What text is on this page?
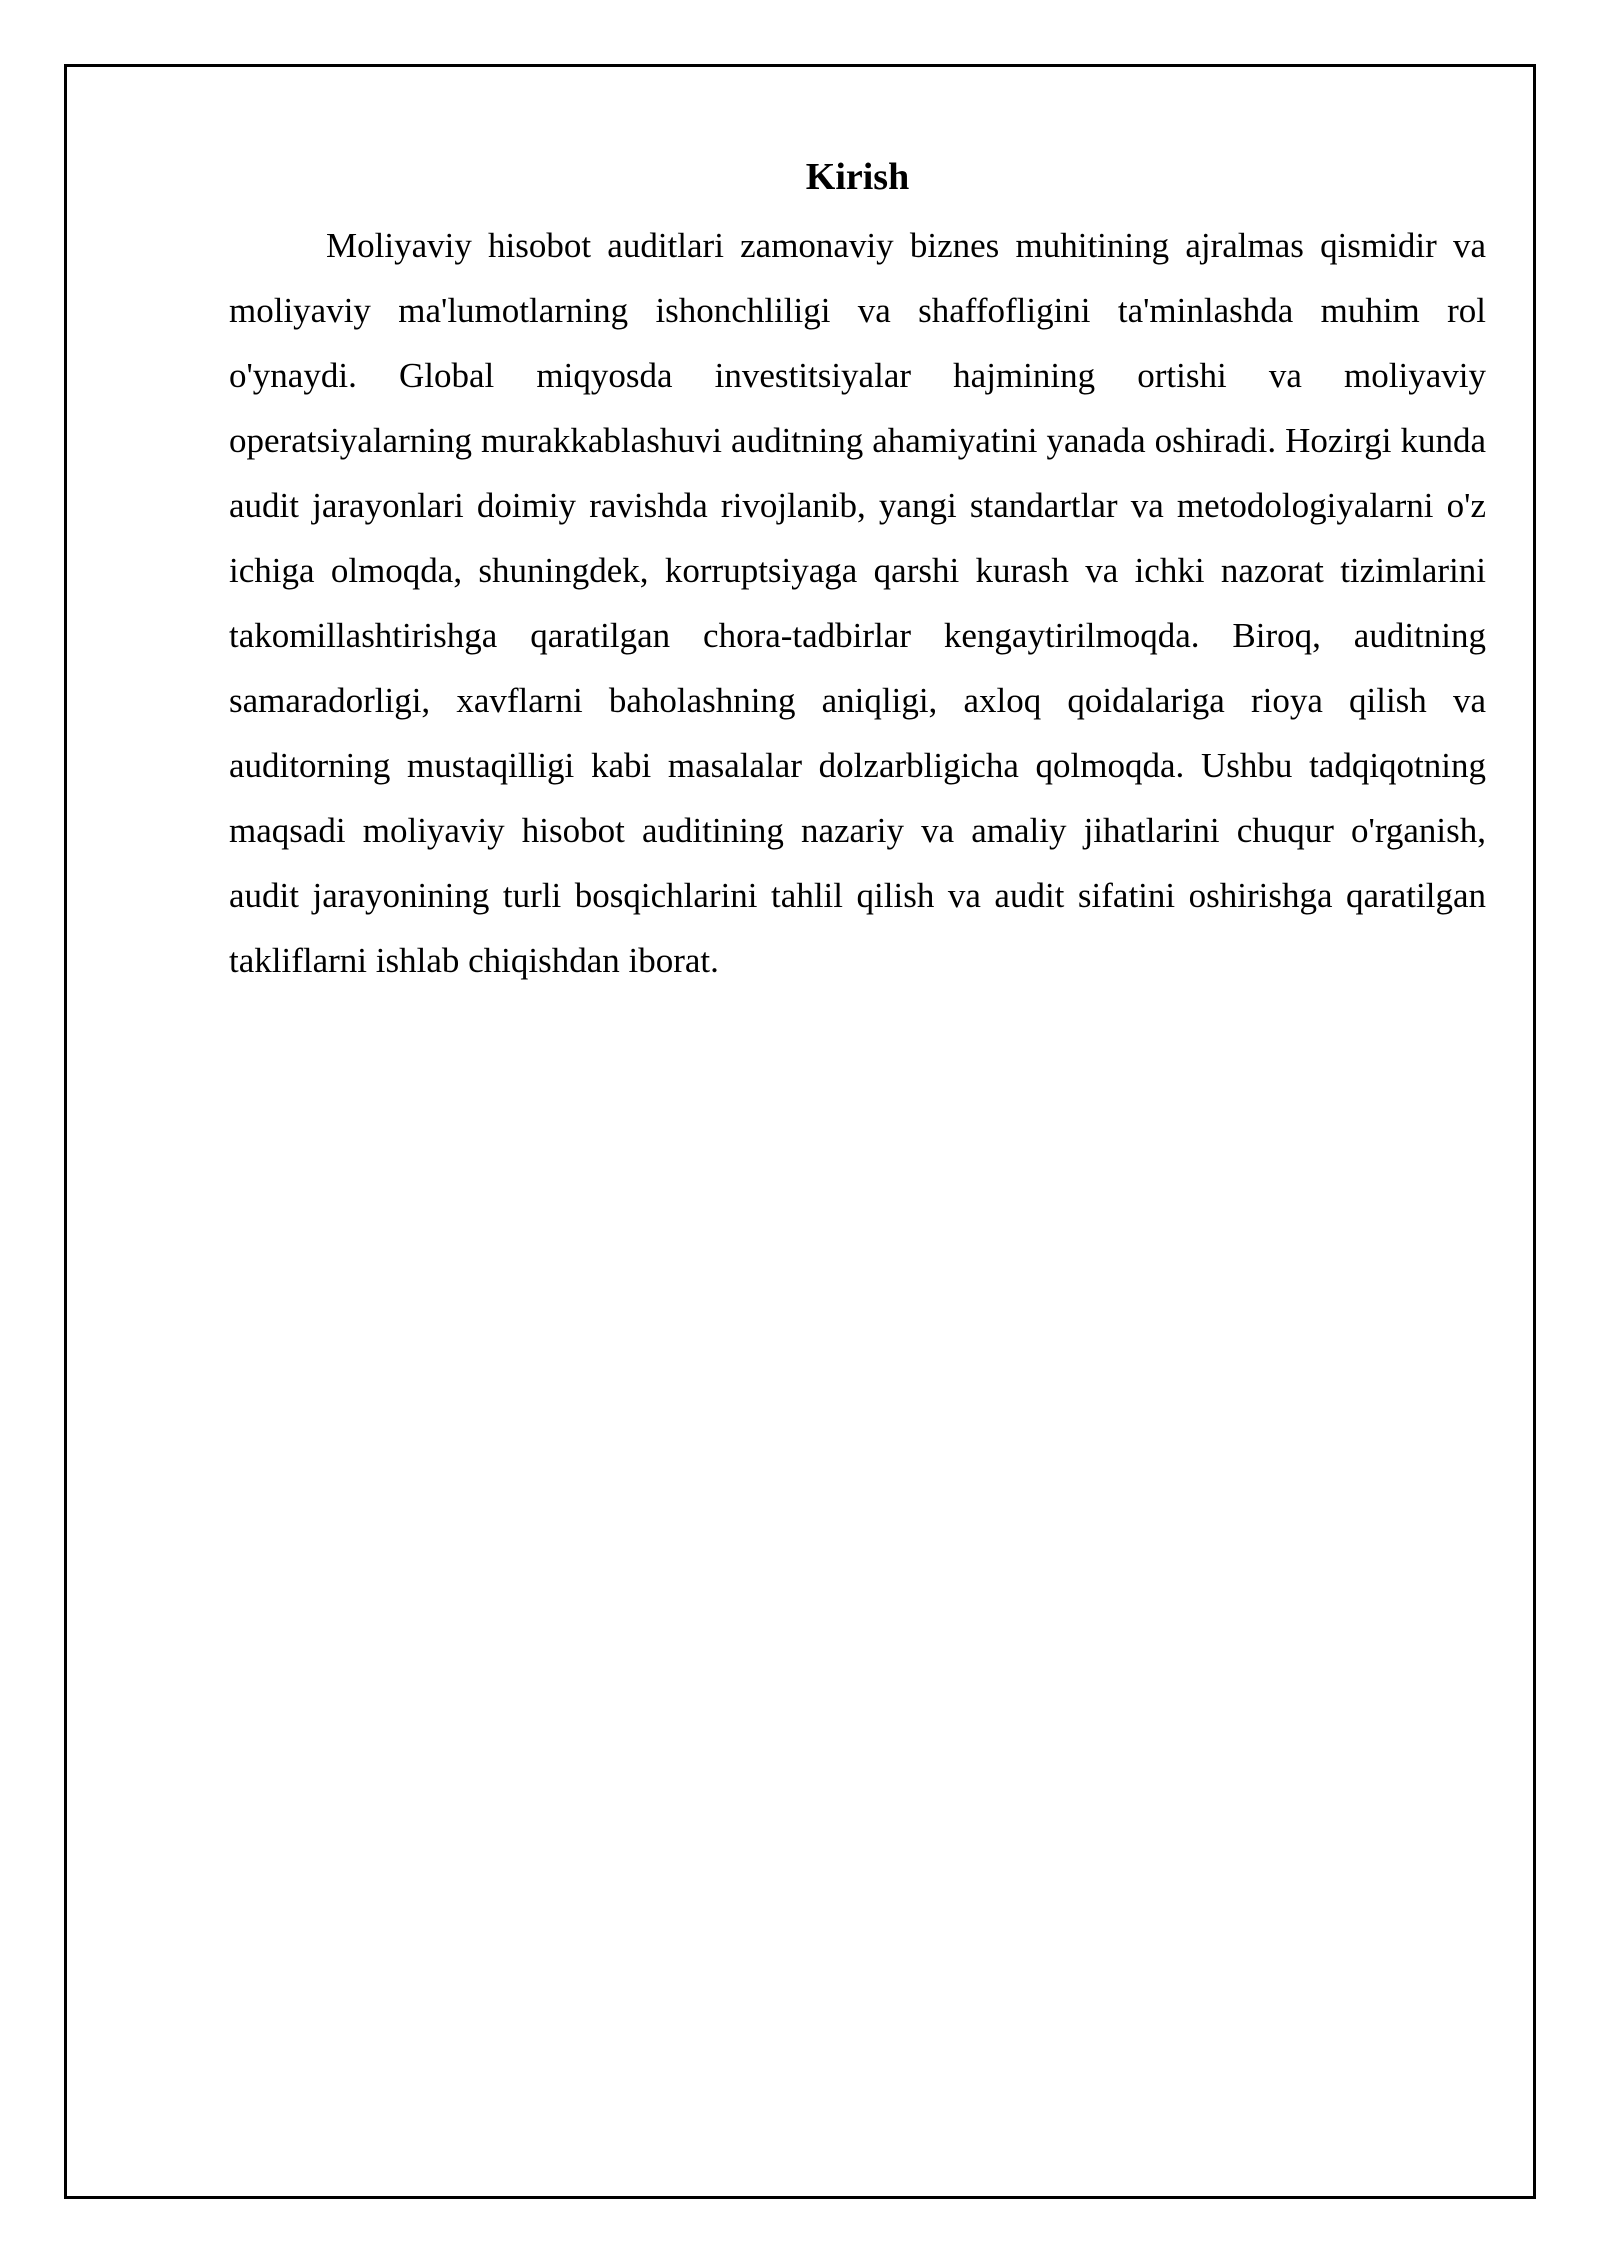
Kirish

Moliyaviy hisobot auditlari zamonaviy biznes muhitining ajralmas qismidir va moliyaviy ma'lumotlarning ishonchliligi va shaffofligini ta'minlashda muhim rol o'ynaydi. Global miqyosda investitsiyalar hajmining ortishi va moliyaviy operatsiyalarning murakkablashuvi auditning ahamiyatini yanada oshiradi. Hozirgi kunda audit jarayonlari doimiy ravishda rivojlanib, yangi standartlar va metodologiyalarni o'z ichiga olmoqda, shuningdek, korruptsiyaga qarshi kurash va ichki nazorat tizimlarini takomillashtirishga qaratilgan chora-tadbirlar kengaytirilmoqda. Biroq, auditning samaradorligi, xavflarni baholashning aniqligi, axloq qoidalariga rioya qilish va auditorning mustaqilligi kabi masalalar dolzarbligicha qolmoqda. Ushbu tadqiqotning maqsadi moliyaviy hisobot auditining nazariy va amaliy jihatlarini chuqur o'rganish, audit jarayonining turli bosqichlarini tahlil qilish va audit sifatini oshirishga qaratilgan takliflarni ishlab chiqishdan iborat.
